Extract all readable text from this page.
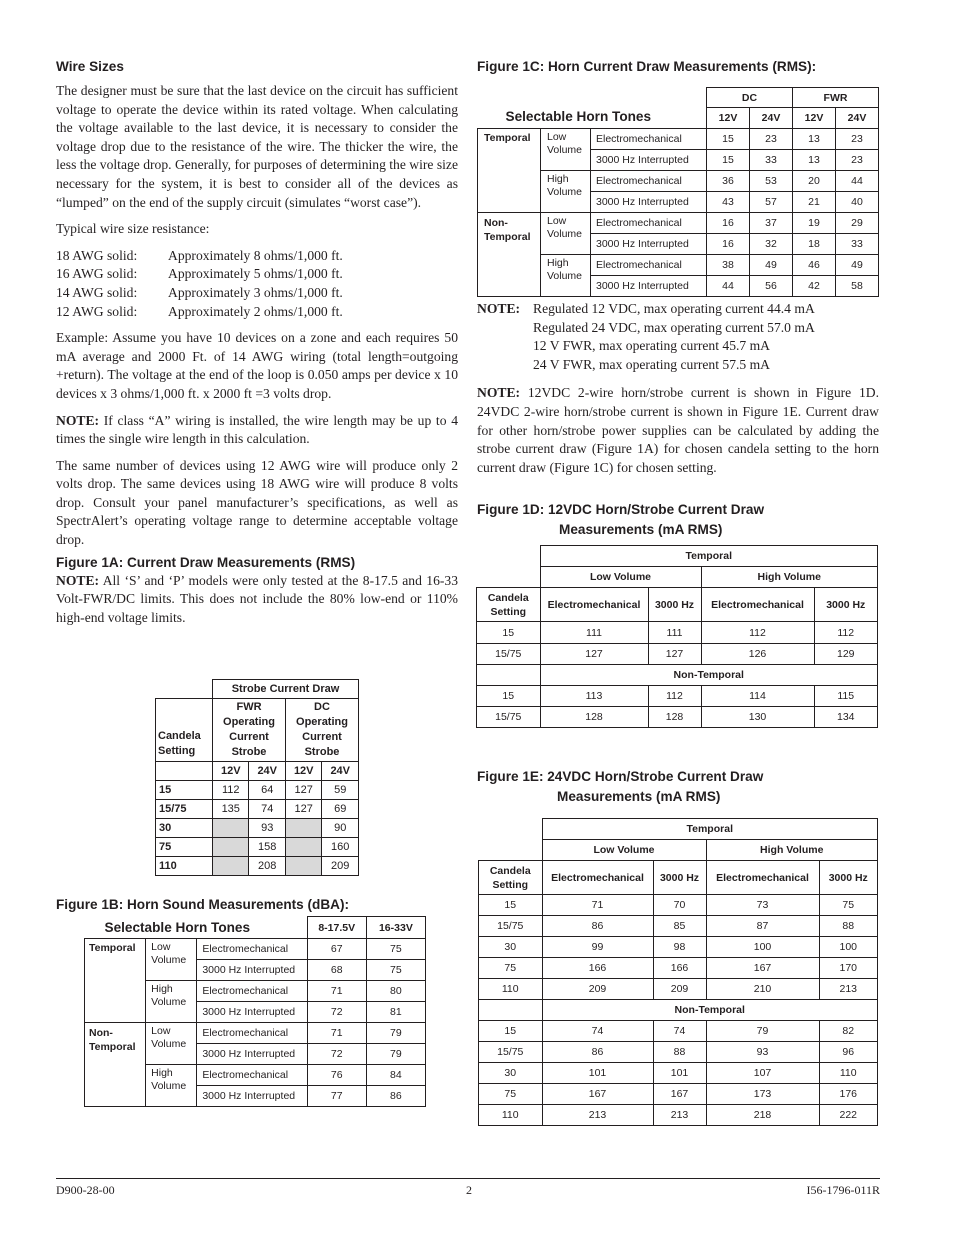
Wire Sizes

The designer must be sure that the last device on the circuit has sufficient voltage to operate the device within its rated voltage. When calculating the voltage available to the last device, it is necessary to consider the voltage drop due to the resistance of the wire. The thicker the wire, the less the voltage drop. Generally, for purposes of determining the wire size necessary for the system, it is best to consider all of the devices as “lumped” on the end of the supply circuit (simulates “worst case”).

Typical wire size resistance:

18 AWG solid:	Approximately 8 ohms/1,000 ft.
16 AWG solid:	Approximately 5 ohms/1,000 ft.
14 AWG solid:	Approximately 3 ohms/1,000 ft.
12 AWG solid:	Approximately 2 ohms/1,000 ft.

Example: Assume you have 10 devices on a zone and each requires 50 mA average and 2000 Ft. of 14 AWG wiring (total length=outgoing +return). The voltage at the end of the loop is 0.050 amps per device x 10 devices x 3 ohms/1,000 ft. x 2000 ft =3 volts drop.

NOTE: If class “A” wiring is installed, the wire length may be up to 4 times the single wire length in this calculation.

The same number of devices using 12 AWG wire will produce only 2 volts drop. The same devices using 18 AWG wire will produce 8 volts drop. Consult your panel manufacturer’s specifications, as well as SpectrAlert’s operating voltage range to determine acceptable voltage drop.

Figure 1A: Current Draw Measurements (RMS)

NOTE: All ‘S’ and ‘P’ models were only tested at the 8-17.5 and 16-33 Volt-FWR/DC limits. This does not include the 80% low-end or 110% high-end voltage limits.

	Strobe Current Draw			
Candela Setting	FWR Operating Current Strobe		DC Operating Current Strobe	

	12V	24V	12V	24V
15	112	64	127	59
15/75	135	74	127	69
30		93		90
75		158		160
110		208		209
Figure 1B: Horn Sound Measurements (dBA):
Selectable Horn Tones			8-17.5V	16-33V
Temporal	Low Volume	Electromechanical	67	75
		3000 Hz Interrupted	68	75
	High Volume	Electromechanical	71	80
		3000 Hz Interrupted	72	81
Non-Temporal	Low Volume	Electromechanical	71	79
		3000 Hz Interrupted	72	79
	High Volume	Electromechanical	76	84
		3000 Hz Interrupted	77	86
Figure 1C: Horn Current Draw Measurements (RMS):
Selectable Horn Tones			DC		FWR	
			12V	24V	12V	24V
Temporal	Low Volume	Electromechanical	15	23	13	23
		3000 Hz Interrupted	15	33	13	23
	High Volume	Electromechanical	36	53	20	44
		3000 Hz Interrupted	43	57	21	40
Non-Temporal	Low Volume	Electromechanical	16	37	19	29
		3000 Hz Interrupted	16	32	18	33
	High Volume	Electromechanical	38	49	46	49
		3000 Hz Interrupted	44	56	42	58
NOTE: Regulated 12 VDC, max operating current 44.4 mA
Regulated 24 VDC, max operating current 57.0 mA
12 V FWR, max operating current 45.7 mA
24 V FWR, max operating current 57.5 mA

NOTE: 12VDC 2-wire horn/strobe current is shown in Figure 1D. 24VDC 2-wire horn/strobe current is shown in Figure 1E. Current draw for other horn/strobe power supplies can be calculated by adding the strobe current draw (Figure 1A) for chosen candela setting to the horn current draw (Figure 1C) for chosen setting.

Figure 1D: 12VDC Horn/Strobe Current Draw
Measurements (mA RMS)
	Temporal			
	Low Volume		High Volume	
Candela Setting	Electromechanical	3000 Hz	Electromechanical	3000 Hz
15	111	111	112	112
15/75	127	127	126	129
	Non-Temporal			
15	113	112	114	115
15/75	128	128	130	134
Figure 1E: 24VDC Horn/Strobe Current Draw
Measurements (mA RMS)
	Temporal			
	Low Volume		High Volume	
Candela Setting	Electromechanical	3000 Hz	Electromechanical	3000 Hz
15	71	70	73	75
15/75	86	85	87	88
30	99	98	100	100
75	166	166	167	170
110	209	209	210	213
	Non-Temporal			
15	74	74	79	82
15/75	86	88	93	96
30	101	101	107	110
75	167	167	173	176
110	213	213	218	222
D900-28-00	2	I56-1796-011R
